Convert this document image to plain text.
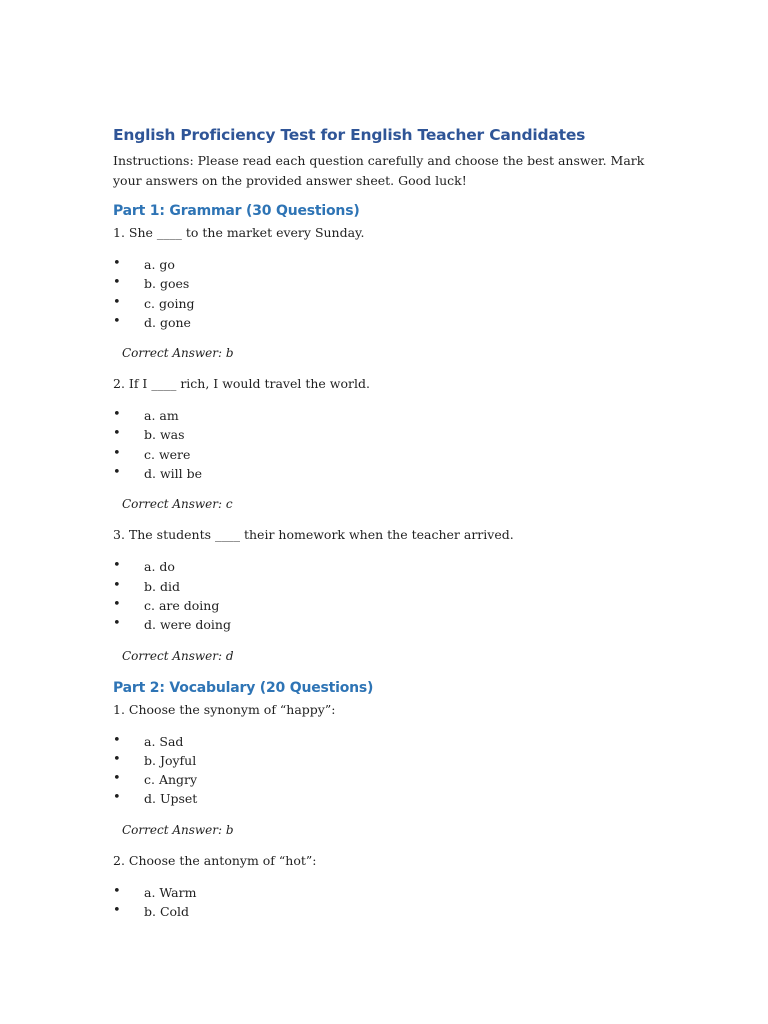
English Proficiency Test for English Teacher Candidates

Instructions: Please read each question carefully and choose the best answer. Mark your answers on the provided answer sheet. Good luck!

Part 1: Grammar (30 Questions)

1. She ____ to the market every Sunday.

• a. go
• b. goes
• c. going
• d. gone

Correct Answer: b

2. If I ____ rich, I would travel the world.

• a. am
• b. was
• c. were
• d. will be

Correct Answer: c

3. The students ____ their homework when the teacher arrived.

• a. do
• b. did
• c. are doing
• d. were doing

Correct Answer: d

Part 2: Vocabulary (20 Questions)

1. Choose the synonym of “happy”:

• a. Sad
• b. Joyful
• c. Angry
• d. Upset

Correct Answer: b

2. Choose the antonym of “hot”:

• a. Warm
• b. Cold
